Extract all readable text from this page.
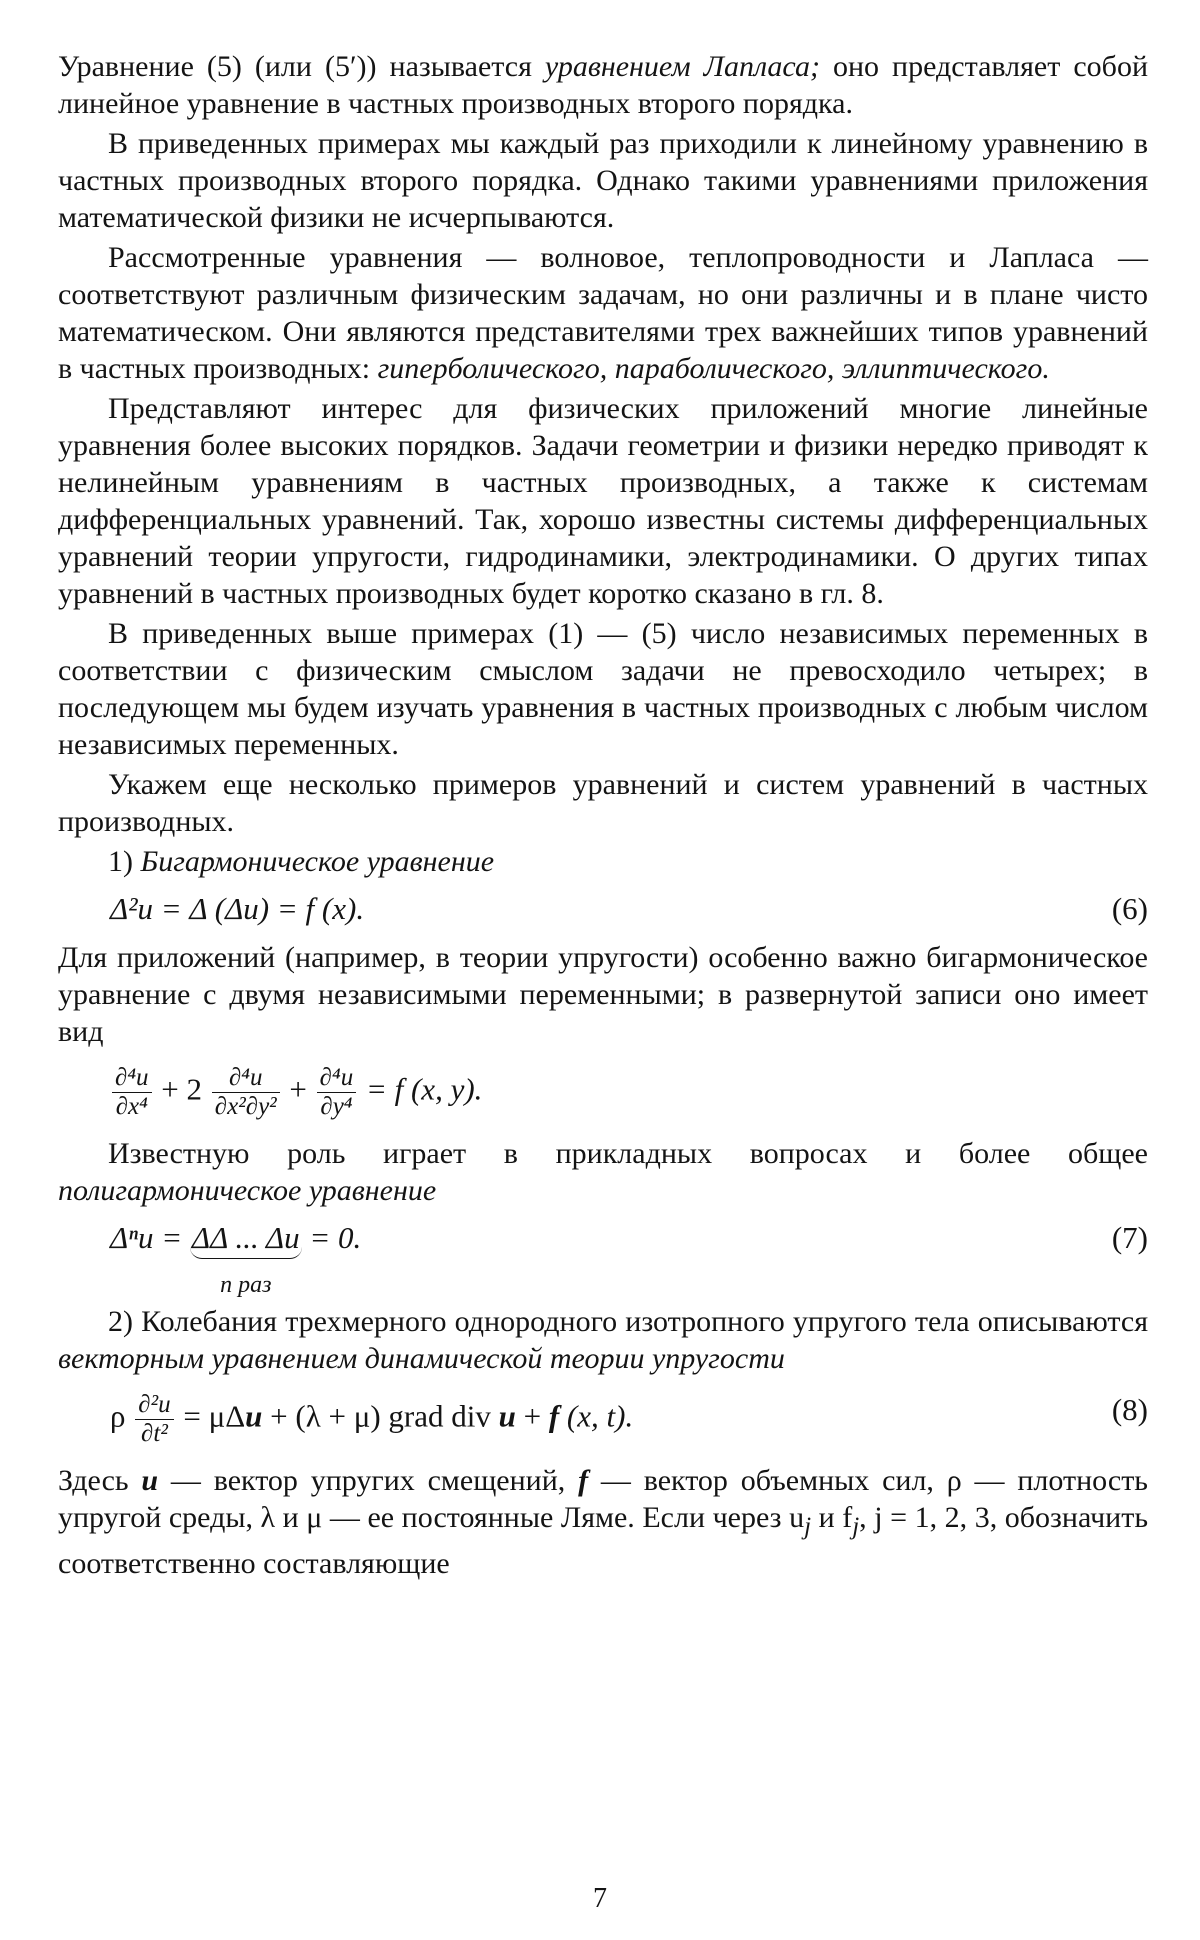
Уравнение (5) (или (5′)) называется уравнением Лапласа; оно представляет собой линейное уравнение в частных производных второго порядка.

В приведенных примерах мы каждый раз приходили к линейному уравнению в частных производных второго порядка. Однако такими уравнениями приложения математической физики не исчерпываются.

Рассмотренные уравнения — волновое, теплопроводности и Лапласа — соответствуют различным физическим задачам, но они различны и в плане чисто математическом. Они являются представителями трех важнейших типов уравнений в частных производных: гиперболического, параболического, эллиптического.

Представляют интерес для физических приложений многие линейные уравнения более высоких порядков. Задачи геометрии и физики нередко приводят к нелинейным уравнениям в частных производных, а также к системам дифференциальных уравнений. Так, хорошо известны системы дифференциальных уравнений теории упругости, гидродинамики, электродинамики. О других типах уравнений в частных производных будет коротко сказано в гл. 8.

В приведенных выше примерах (1) — (5) число независимых переменных в соответствии с физическим смыслом задачи не превосходило четырех; в последующем мы будем изучать уравнения в частных производных с любым числом независимых переменных.

Укажем еще несколько примеров уравнений и систем уравнений в частных производных.

1) Бигармоническое уравнение

Δ²u = Δ (Δu) = f (x).	(6)

Для приложений (например, в теории упругости) особенно важно бигармоническое уравнение с двумя независимыми переменными; в развернутой записи оно имеет вид

$\frac{\text{∂⁴u}}{\text{∂x⁴}} + 2 \frac{\text{∂⁴u}}{\text{∂x²∂y²}} + \frac{\text{∂⁴u}}{\text{∂y⁴}} = f$ (x, y).

Известную роль играет в прикладных вопросах и более общее полигармоническое уравнение

Δⁿu = ΔΔ ... Δu
n раз
= 0.	(7)

2) Колебания трехмерного однородного изотропного упругого тела описываются векторным уравнением динамической теории упругости

ρ $\frac{\text{∂²u}}{\text{∂t²}} = \mu\Delta u + (\lambda + \mu)$ grad div u + f (x, t).	(8)

Здесь u — вектор упругих смещений, f — вектор объемных сил, ρ — плотность упругой среды, λ и μ — ее постоянные Ляме. Если через $u_j$ и $f_j$, j = 1, 2, 3, обозначить соответственно составляющие

7
